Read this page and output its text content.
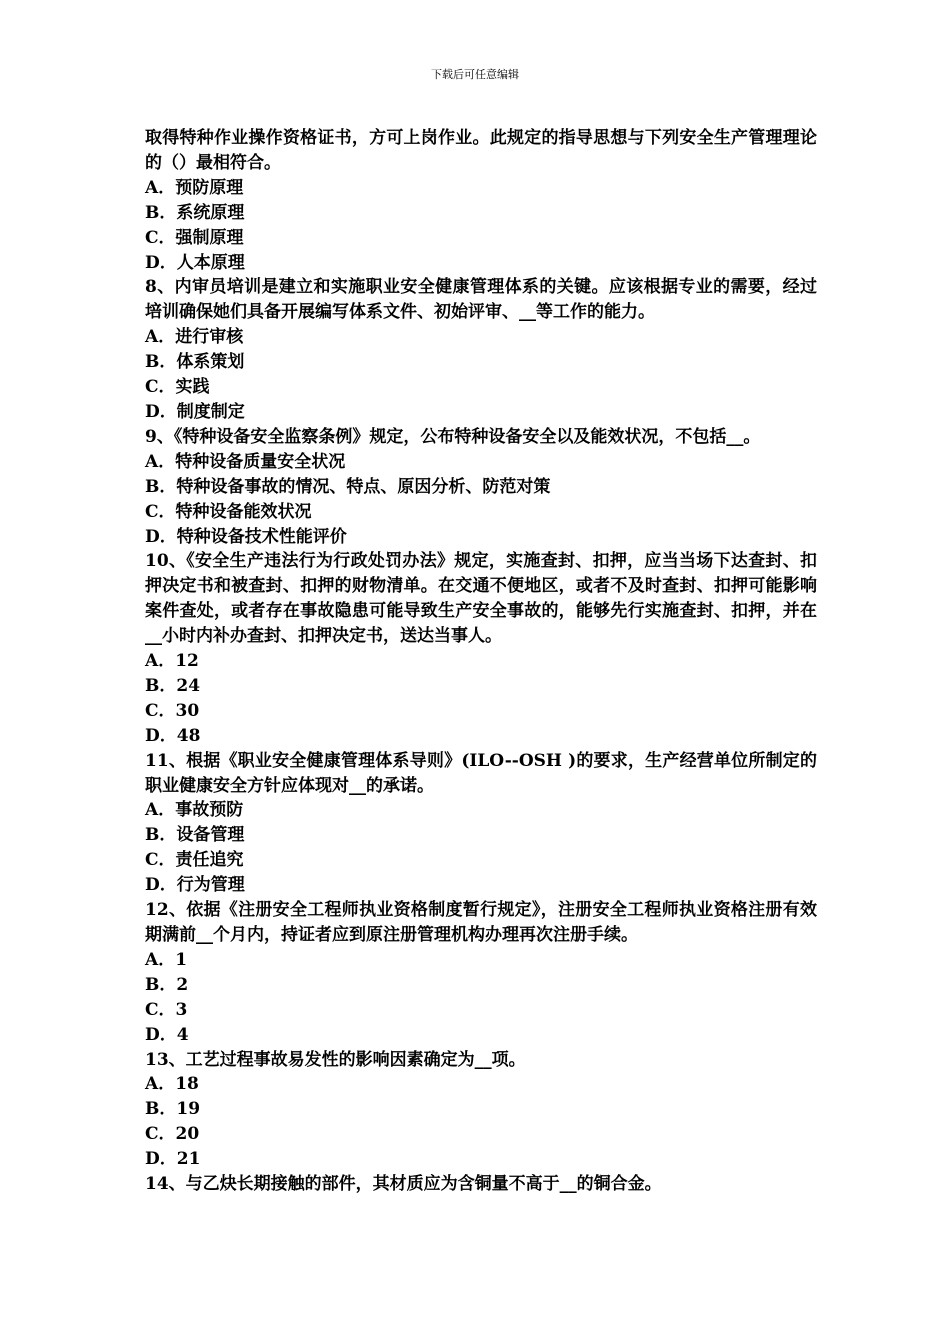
下载后可任意编辑

取得特种作业操作资格证书，方可上岗作业。此规定的指导思想与下列安全生产管理理论的（）最相符合。

A．预防原理

B．系统原理

C．强制原理

D．人本原理

8、内审员培训是建立和实施职业安全健康管理体系的关键。应该根据专业的需要，经过培训确保她们具备开展编写体系文件、初始评审、__等工作的能力。

A．进行审核

B．体系策划

C．实践

D．制度制定

9、《特种设备安全监察条例》规定，公布特种设备安全以及能效状况，不包括__。

A．特种设备质量安全状况

B．特种设备事故的情况、特点、原因分析、防范对策

C．特种设备能效状况

D．特种设备技术性能评价

10、《安全生产违法行为行政处罚办法》规定，实施查封、扣押，应当当场下达查封、扣押决定书和被查封、扣押的财物清单。在交通不便地区，或者不及时查封、扣押可能影响案件查处，或者存在事故隐患可能导致生产安全事故的，能够先行实施查封、扣押，并在__小时内补办查封、扣押决定书，送达当事人。

A．12

B．24

C．30

D．48

11、根据《职业安全健康管理体系导则》(ILO--OSH )的要求，生产经营单位所制定的职业健康安全方针应体现对__的承诺。

A．事故预防

B．设备管理

C．责任追究

D．行为管理

12、依据《注册安全工程师执业资格制度暂行规定》，注册安全工程师执业资格注册有效期满前__个月内，持证者应到原注册管理机构办理再次注册手续。

A．1

B．2

C．3

D．4

13、工艺过程事故易发性的影响因素确定为__项。

A．18

B．19

C．20

D．21

14、与乙炔长期接触的部件，其材质应为含铜量不高于__的铜合金。
